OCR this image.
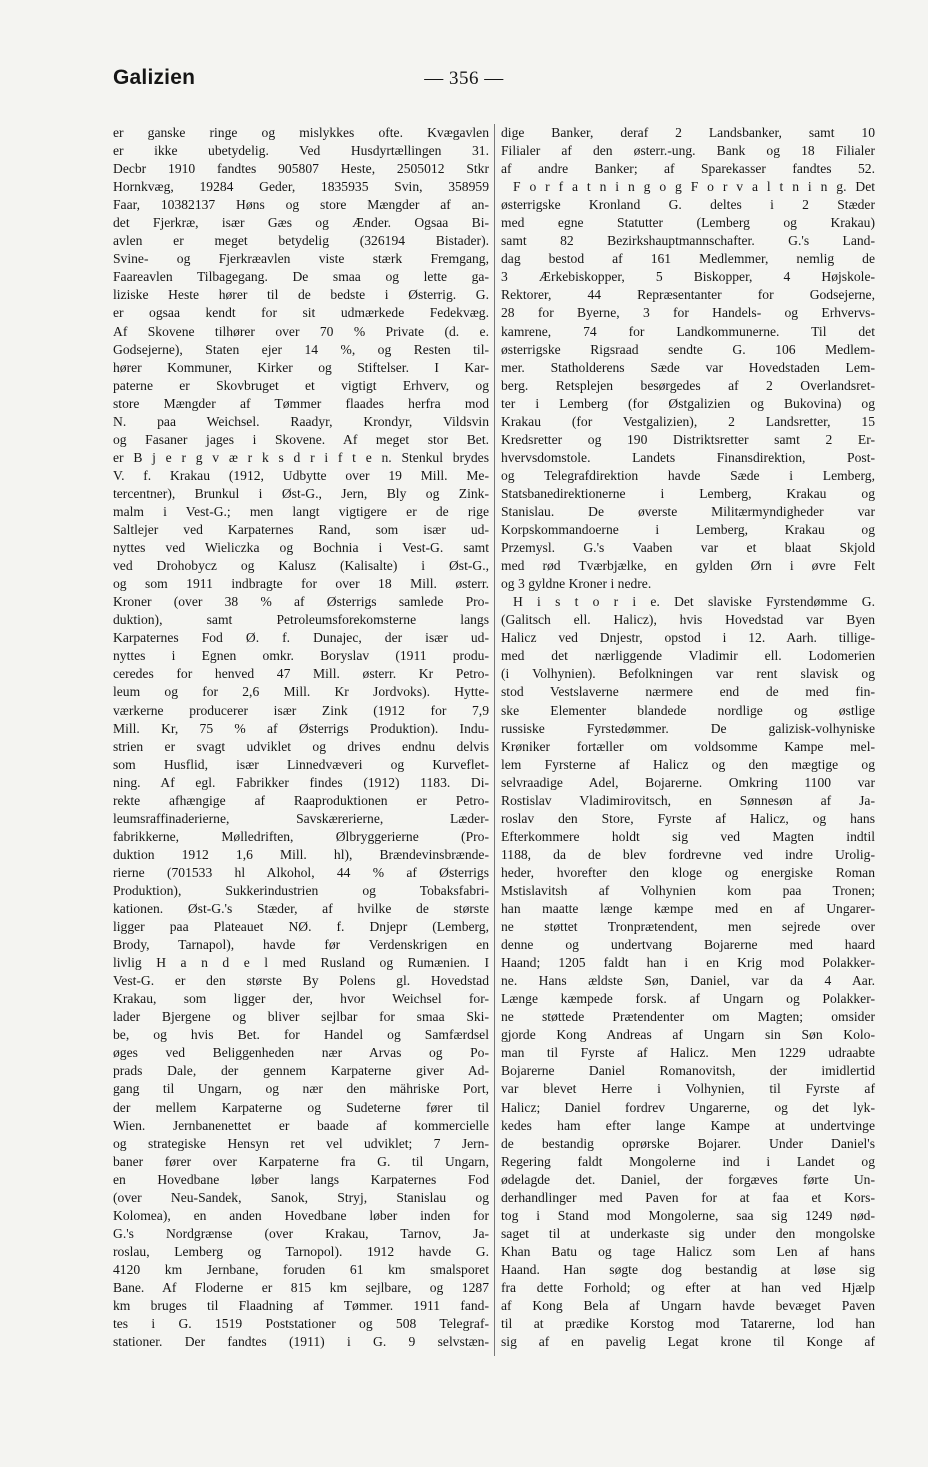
Galizien	— 356 —
er ganske ringe og mislykkes ofte. Kvægavlen
er ikke ubetydelig. Ved Husdyrtællingen 31.
Decbr 1910 fandtes 905807 Heste, 2505012 Stkr
Hornkvæg, 19284 Geder, 1835935 Svin, 358959
Faar, 10382137 Høns og store Mængder af an-
det Fjerkræ, især Gæs og Ænder. Ogsaa Bi-
avlen er meget betydelig (326194 Bistader).
Svine- og Fjerkræavlen viste stærk Fremgang,
Faareavlen Tilbagegang. De smaa og lette ga-
liziske Heste hører til de bedste i Østerrig. G.
er ogsaa kendt for sit udmærkede Fedekvæg.
Af Skovene tilhører over 70 % Private (d. e.
Godsejerne), Staten ejer 14 %, og Resten til-
hører Kommuner, Kirker og Stiftelser. I Kar-
paterne er Skovbruget et vigtigt Erhverv, og
store Mængder af Tømmer flaades herfra mod
N. paa Weichsel. Raadyr, Krondyr, Vildsvin
og Fasaner jages i Skovene. Af meget stor Bet.
er B j e r g v æ r k s d r i f t e n. Stenkul brydes
V. f. Krakau (1912, Udbytte over 19 Mill. Me-
tercentner), Brunkul i Øst-G., Jern, Bly og Zink-
malm i Vest-G.; men langt vigtigere er de rige
Saltlejer ved Karpaternes Rand, som især ud-
nyttes ved Wieliczka og Bochnia i Vest-G. samt
ved Drohobycz og Kalusz (Kalisalte) i Øst-G.,
og som 1911 indbragte for over 18 Mill. østerr.
Kroner (over 38 % af Østerrigs samlede Pro-
duktion), samt Petroleumsforekomsterne langs
Karpaternes Fod Ø. f. Dunajec, der især ud-
nyttes i Egnen omkr. Boryslav (1911 produ-
ceredes for henved 47 Mill. østerr. Kr Petro-
leum og for 2,6 Mill. Kr Jordvoks). Hytte-
værkerne producerer især Zink (1912 for 7,9
Mill. Kr, 75 % af Østerrigs Produktion). Indu-
strien er svagt udviklet og drives endnu delvis
som Husflid, især Linnedvæveri og Kurveflet-
ning. Af egl. Fabrikker findes (1912) 1183. Di-
rekte afhængige af Raaproduktionen er Petro-
leumsraffinaderierne, Savskærerierne, Læder-
fabrikkerne, Mølledriften, Ølbryggerierne (Pro-
duktion 1912 1,6 Mill. hl), Brændevinsbrænde-
rierne (701533 hl Alkohol, 44 % af Østerrigs
Produktion), Sukkerindustrien og Tobaksfabri-
kationen. Øst-G.'s Stæder, af hvilke de største
ligger paa Plateauet NØ. f. Dnjepr (Lemberg,
Brody, Tarnapol), havde før Verdenskrigen en
livlig H a n d e l med Rusland og Rumænien. I
Vest-G. er den største By Polens gl. Hovedstad
Krakau, som ligger der, hvor Weichsel for-
lader Bjergene og bliver sejlbar for smaa Ski-
be, og hvis Bet. for Handel og Samfærdsel
øges ved Beliggenheden nær Arvas og Po-
prads Dale, der gennem Karpaterne giver Ad-
gang til Ungarn, og nær den mähriske Port,
der mellem Karpaterne og Sudeterne fører til
Wien. Jernbanenettet er baade af kommercielle
og strategiske Hensyn ret vel udviklet; 7 Jern-
baner fører over Karpaterne fra G. til Ungarn,
en Hovedbane løber langs Karpaternes Fod
(over Neu-Sandek, Sanok, Stryj, Stanislau og
Kolomea), en anden Hovedbane løber inden for
G.'s Nordgrænse (over Krakau, Tarnov, Ja-
roslau, Lemberg og Tarnopol). 1912 havde G.
4120 km Jernbane, foruden 61 km smalsporet
Bane. Af Floderne er 815 km sejlbare, og 1287
km bruges til Flaadning af Tømmer. 1911 fand-
tes i G. 1519 Poststationer og 508 Telegraf-
stationer. Der fandtes (1911) i G. 9 selvstæn-
dige Banker, deraf 2 Landsbanker, samt 10
Filialer af den østerr.-ung. Bank og 18 Filialer
af andre Banker; af Sparekasser fandtes 52.
F o r f a t n i n g o g F o r v a l t n i n g. Det
østerrigske Kronland G. deltes i 2 Stæder
med egne Statutter (Lemberg og Krakau)
samt 82 Bezirkshauptmannschafter. G.'s Land-
dag bestod af 161 Medlemmer, nemlig de
3 Ærkebiskopper, 5 Biskopper, 4 Højskole-
Rektorer, 44 Repræsentanter for Godsejerne,
28 for Byerne, 3 for Handels- og Erhvervs-
kamrene, 74 for Landkommunerne. Til det
østerrigske Rigsraad sendte G. 106 Medlem-
mer. Statholderens Sæde var Hovedstaden Lem-
berg. Retsplejen besørgedes af 2 Overlandsret-
ter i Lemberg (for Østgalizien og Bukovina) og
Krakau (for Vestgalizien), 2 Landsretter, 15
Kredsretter og 190 Distriktsretter samt 2 Er-
hvervsdomstole. Landets Finansdirektion, Post-
og Telegrafdirektion havde Sæde i Lemberg,
Statsbanedirektionerne i Lemberg, Krakau og
Stanislau. De øverste Militærmyndigheder var
Korpskommandoerne i Lemberg, Krakau og
Przemysl. G.'s Vaaben var et blaat Skjold
med rød Tværbjælke, en gylden Ørn i øvre Felt
og 3 gyldne Kroner i nedre.
H i s t o r i e. Det slaviske Fyrstendømme G.
(Galitsch ell. Halicz), hvis Hovedstad var Byen
Halicz ved Dnjestr, opstod i 12. Aarh. tillige-
med det nærliggende Vladimir ell. Lodomerien
(i Volhynien). Befolkningen var rent slavisk og
stod Vestslaverne nærmere end de med fin-
ske Elementer blandede nordlige og østlige
russiske Fyrstedømmer. De galizisk-volhyniske
Krøniker fortæller om voldsomme Kampe mel-
lem Fyrsterne af Halicz og den mægtige og
selvraadige Adel, Bojarerne. Omkring 1100 var
Rostislav Vladimirovitsch, en Sønnesøn af Ja-
roslav den Store, Fyrste af Halicz, og hans
Efterkommere holdt sig ved Magten indtil
1188, da de blev fordrevne ved indre Urolig-
heder, hvorefter den kloge og energiske Roman
Mstislavitsh af Volhynien kom paa Tronen;
han maatte længe kæmpe med en af Ungarer-
ne støttet Tronprætendent, men sejrede over
denne og undertvang Bojarerne med haard
Haand; 1205 faldt han i en Krig mod Polakker-
ne. Hans ældste Søn, Daniel, var da 4 Aar.
Længe kæmpede forsk. af Ungarn og Polakker-
ne støttede Prætendenter om Magten; omsider
gjorde Kong Andreas af Ungarn sin Søn Kolo-
man til Fyrste af Halicz. Men 1229 udraabte
Bojarerne Daniel Romanovitsh, der imidlertid
var blevet Herre i Volhynien, til Fyrste af
Halicz; Daniel fordrev Ungarerne, og det lyk-
kedes ham efter lange Kampe at undertvinge
de bestandig oprørske Bojarer. Under Daniel's
Regering faldt Mongolerne ind i Landet og
ødelagde det. Daniel, der forgæves førte Un-
derhandlinger med Paven for at faa et Kors-
tog i Stand mod Mongolerne, saa sig 1249 nød-
saget til at underkaste sig under den mongolske
Khan Batu og tage Halicz som Len af hans
Haand. Han søgte dog bestandig at løse sig
fra dette Forhold; og efter at han ved Hjælp
af Kong Bela af Ungarn havde bevæget Paven
til at prædike Korstog mod Tatarerne, lod han
sig af en pavelig Legat krone til Konge af
